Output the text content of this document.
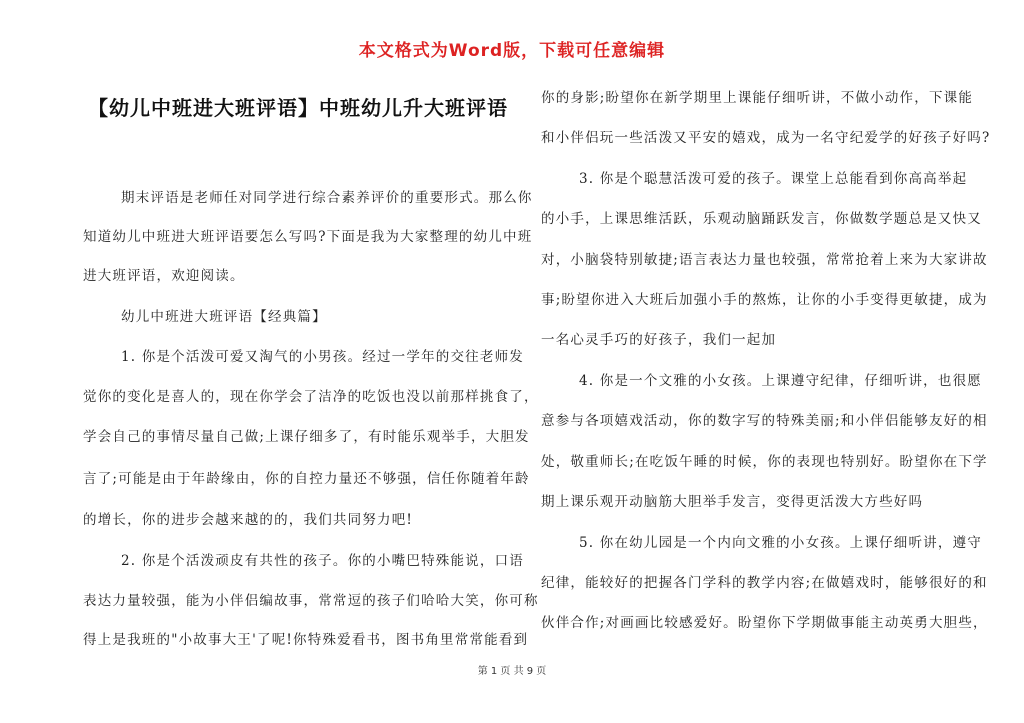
本文格式为Word版，下载可任意编辑
【幼儿中班进大班评语】中班幼儿升大班评语
期末评语是老师任对同学进行综合素养评价的重要形式。那么你
知道幼儿中班进大班评语要怎么写吗?下面是我为大家整理的幼儿中班
进大班评语，欢迎阅读。
幼儿中班进大班评语【经典篇】
1. 你是个活泼可爱又淘气的小男孩。经过一学年的交往老师发
觉你的变化是喜人的，现在你学会了洁净的吃饭也没以前那样挑食了，
学会自己的事情尽量自己做;上课仔细多了，有时能乐观举手，大胆发
言了;可能是由于年龄缘由，你的自控力量还不够强，信任你随着年龄
的增长，你的进步会越来越的的，我们共同努力吧!
2. 你是个活泼顽皮有共性的孩子。你的小嘴巴特殊能说，口语
表达力量较强，能为小伴侣编故事，常常逗的孩子们哈哈大笑，你可称
得上是我班的"小故事大王'了呢!你特殊爱看书，图书角里常常能看到
你的身影;盼望你在新学期里上课能仔细听讲，不做小动作，下课能
和小伴侣玩一些活泼又平安的嬉戏，成为一名守纪爱学的好孩子好吗?
3. 你是个聪慧活泼可爱的孩子。课堂上总能看到你高高举起
的小手，上课思维活跃，乐观动脑踊跃发言，你做数学题总是又快又
对，小脑袋特别敏捷;语言表达力量也较强，常常抢着上来为大家讲故
事;盼望你进入大班后加强小手的熬炼，让你的小手变得更敏捷，成为
一名心灵手巧的好孩子，我们一起加
4. 你是一个文雅的小女孩。上课遵守纪律，仔细听讲，也很愿
意参与各项嬉戏活动，你的数字写的特殊美丽;和小伴侣能够友好的相
处，敬重师长;在吃饭午睡的时候，你的表现也特别好。盼望你在下学
期上课乐观开动脑筋大胆举手发言，变得更活泼大方些好吗
5. 你在幼儿园是一个内向文雅的小女孩。上课仔细听讲，遵守
纪律，能较好的把握各门学科的教学内容;在做嬉戏时，能够很好的和
伙伴合作;对画画比较感爱好。盼望你下学期做事能主动英勇大胆些，
第 1 页 共 9 页
